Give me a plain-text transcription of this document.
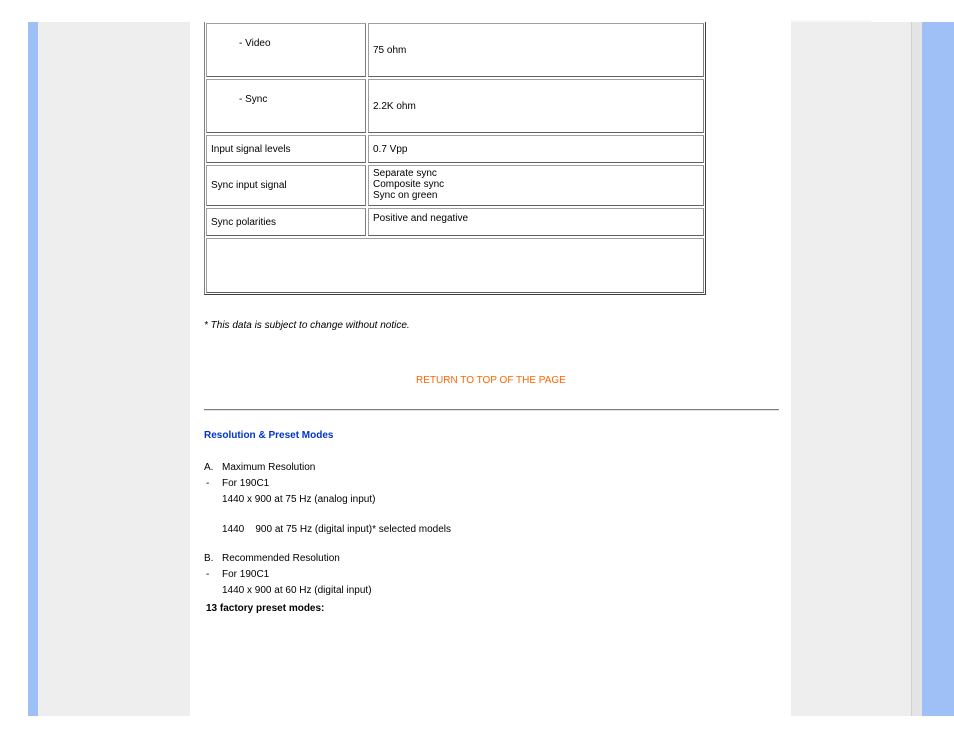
- Video
75 ohm
- Sync
2.2K ohm
Input signal levels	0.7 Vpp
Sync input signal
Separate sync
Composite sync
Sync on green
Sync polarities	Positive and negative
* This data is subject to change without notice.
RETURN TO TOP OF THE PAGE
Resolution & Preset Modes
A. Maximum Resolution
- For 190C1
1440 x 900 at 75 Hz (analog input)
1440    900 at 75 Hz (digital input)* selected models
B. Recommended Resolution
- For 190C1
1440 x 900 at 60 Hz (digital input)
13 factory preset modes:
